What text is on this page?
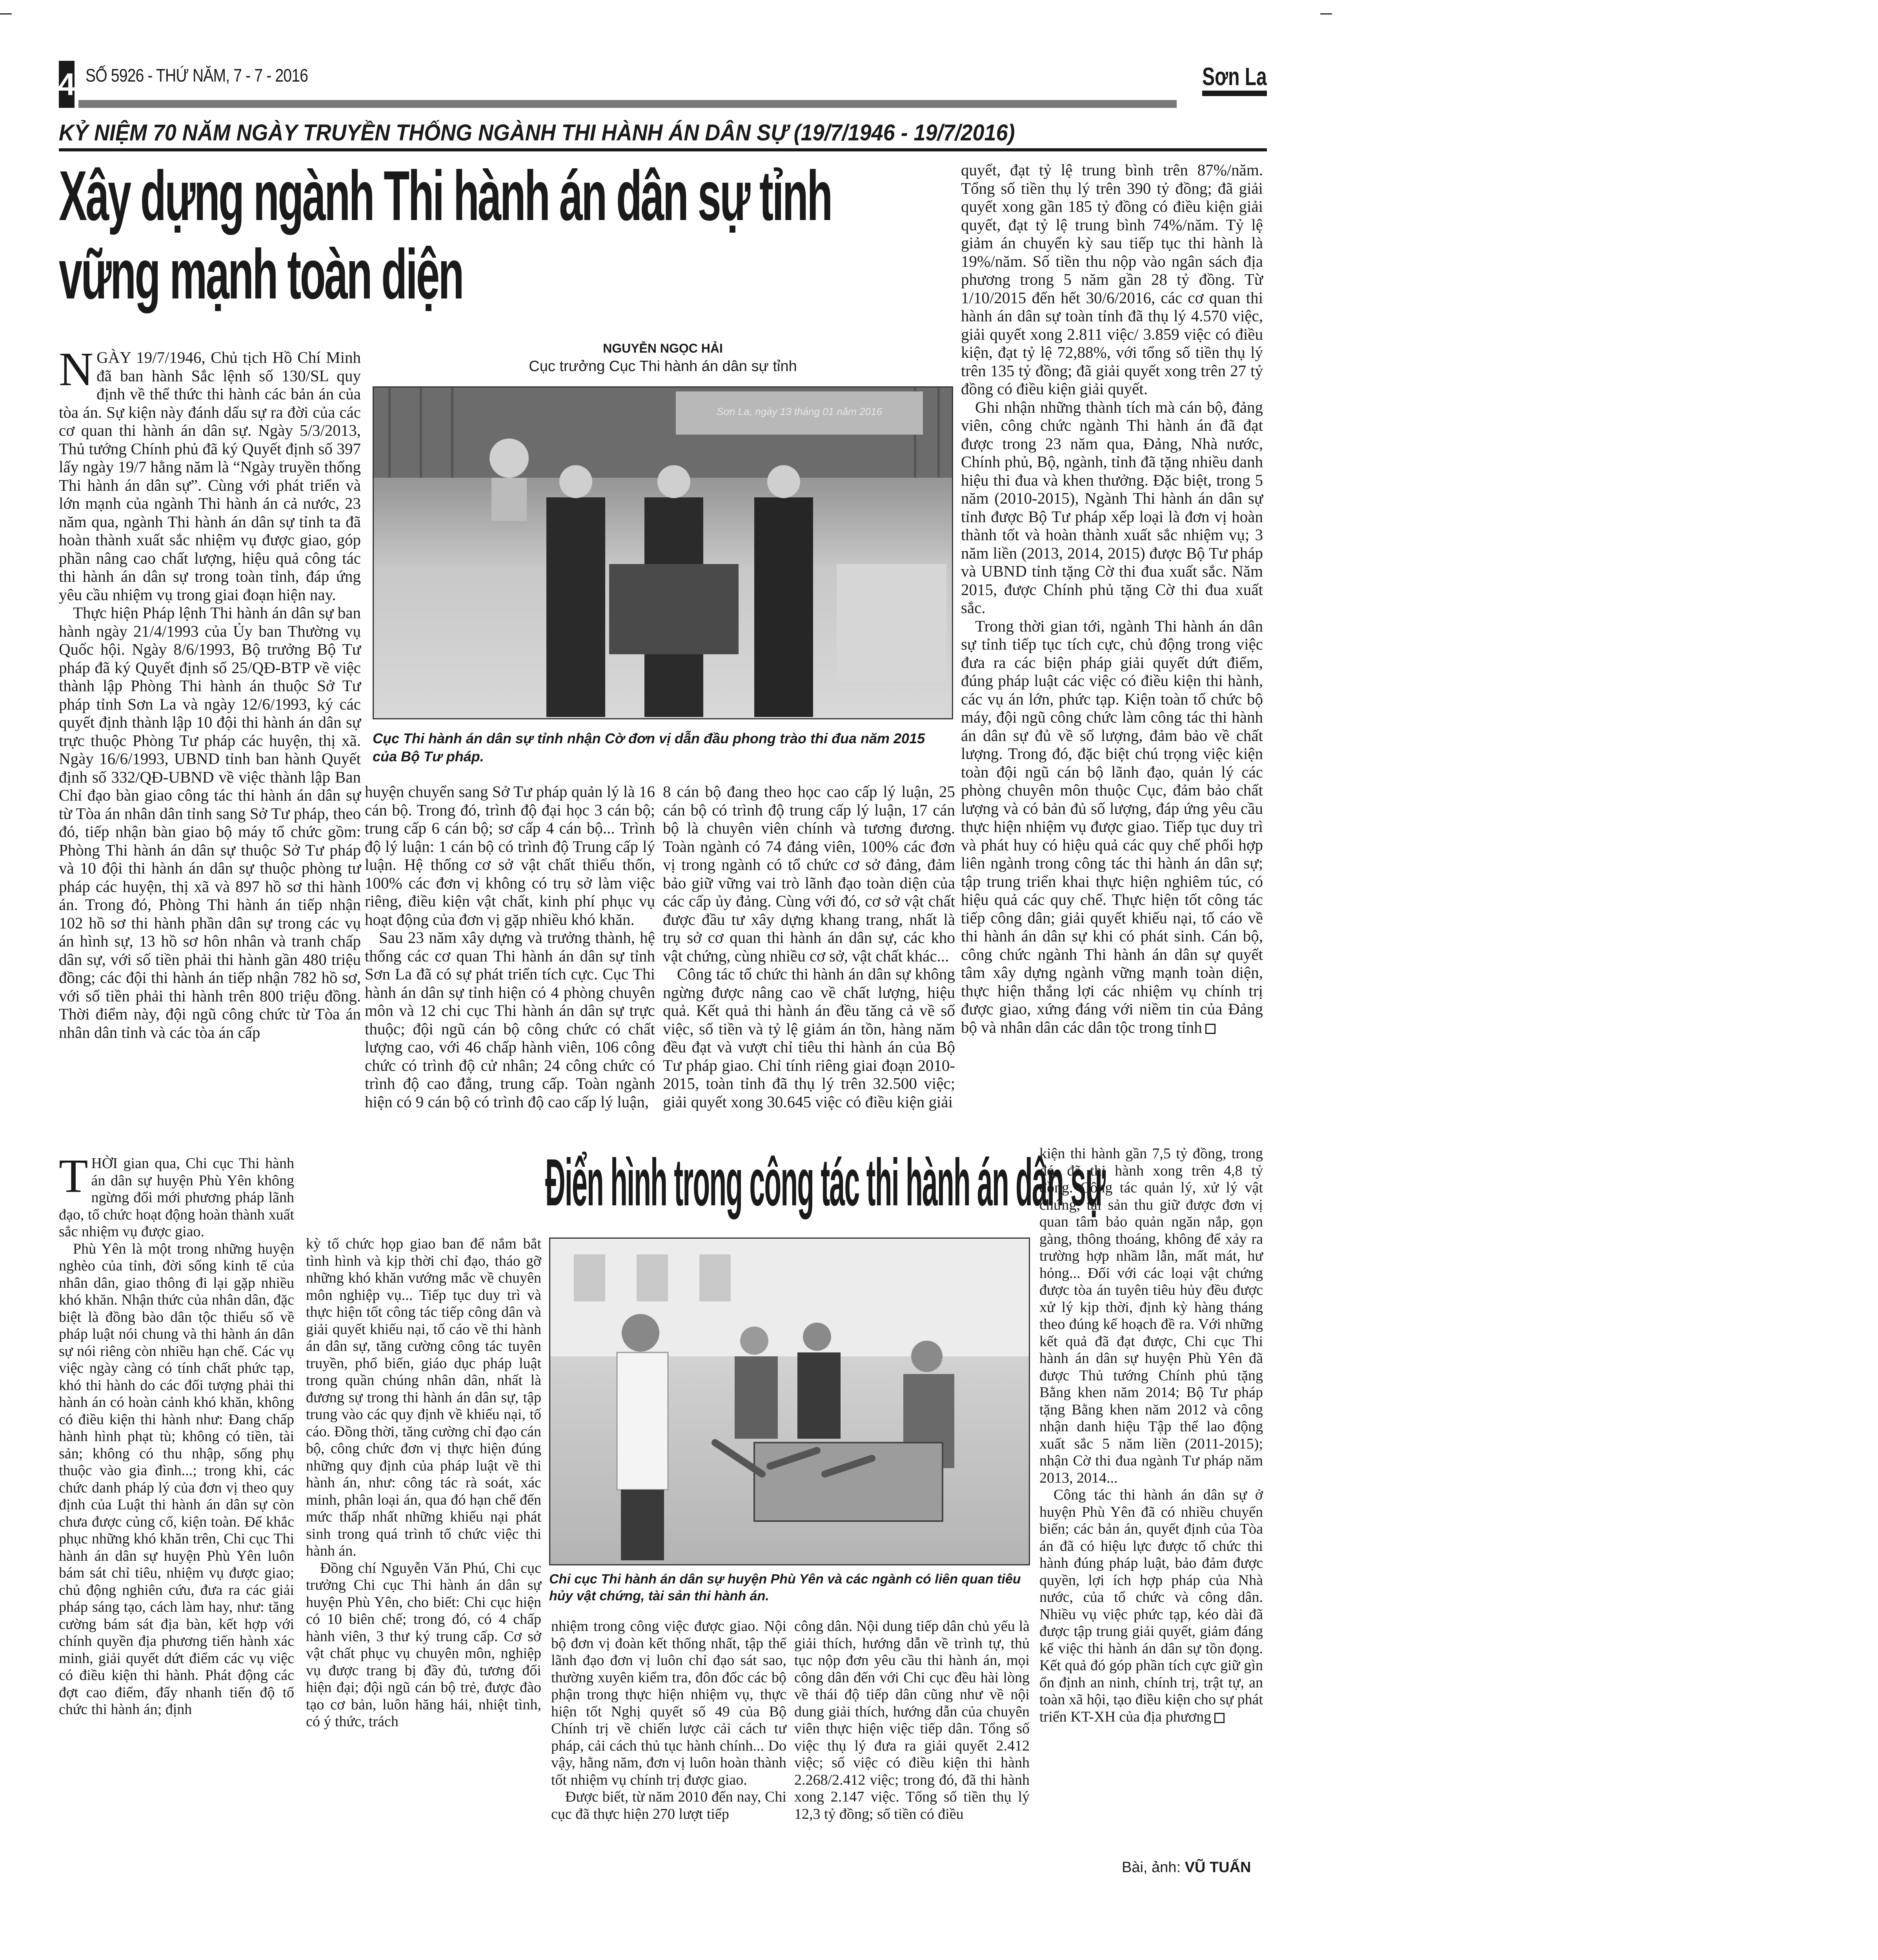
4 SỐ 5926 - THỨ NĂM, 7 - 7 - 2016	Sơn La
KỶ NIỆM 70 NĂM NGÀY TRUYỀN THỐNG NGÀNH THI HÀNH ÁN DÂN SỰ (19/7/1946 - 19/7/2016)
Xây dựng ngành Thi hành án dân sự tỉnh
vững mạnh toàn diện
NGUYỄN NGỌC HẢI
Cục trưởng Cục Thi hành án dân sự tỉnh

NGÀY 19/7/1946, Chủ tịch Hồ Chí Minh đã ban hành Sắc lệnh số 130/SL quy định về thể thức thi hành các bản án của tòa án. Sự kiện này đánh dấu sự ra đời của các cơ quan thi hành án dân sự. Ngày 5/3/2013, Thủ tướng Chính phủ đã ký Quyết định số 397 lấy ngày 19/7 hằng năm là “Ngày truyền thống Thi hành án dân sự”. Cùng với phát triển và lớn mạnh của ngành Thi hành án cả nước, 23 năm qua, ngành Thi hành án dân sự tỉnh ta đã hoàn thành xuất sắc nhiệm vụ được giao, góp phần nâng cao chất lượng, hiệu quả công tác thi hành án dân sự trong toàn tỉnh, đáp ứng yêu cầu nhiệm vụ trong giai đoạn hiện nay.

Thực hiện Pháp lệnh Thi hành án dân sự ban hành ngày 21/4/1993 của Ủy ban Thường vụ Quốc hội. Ngày 8/6/1993, Bộ trưởng Bộ Tư pháp đã ký Quyết định số 25/QĐ-BTP về việc thành lập Phòng Thi hành án thuộc Sở Tư pháp tỉnh Sơn La và ngày 12/6/1993, ký các quyết định thành lập 10 đội thi hành án dân sự trực thuộc Phòng Tư pháp các huyện, thị xã. Ngày 16/6/1993, UBND tỉnh ban hành Quyết định số 332/QĐ-UBND về việc thành lập Ban Chỉ đạo bàn giao công tác thi hành án dân sự từ Tòa án nhân dân tỉnh sang Sở Tư pháp, theo đó, tiếp nhận bàn giao bộ máy tổ chức gồm: Phòng Thi hành án dân sự thuộc Sở Tư pháp và 10 đội thi hành án dân sự thuộc phòng tư pháp các huyện, thị xã và 897 hồ sơ thi hành án. Trong đó, Phòng Thi hành án tiếp nhận 102 hồ sơ thi hành phần dân sự trong các vụ án hình sự, 13 hồ sơ hôn nhân và tranh chấp dân sự, với số tiền phải thi hành gần 480 triệu đồng; các đội thi hành án tiếp nhận 782 hồ sơ, với số tiền phải thi hành trên 800 triệu đồng. Thời điểm này, đội ngũ công chức từ Tòa án nhân dân tỉnh và các tòa án cấp

Sơn La, ngày 13 tháng 01 năm 2016
Cục Thi hành án dân sự tỉnh nhận Cờ đơn vị dẫn đầu phong trào thi đua năm 2015 của Bộ Tư pháp.

huyện chuyển sang Sở Tư pháp quản lý là 16 cán bộ. Trong đó, trình độ đại học 3 cán bộ; trung cấp 6 cán bộ; sơ cấp 4 cán bộ... Trình độ lý luận: 1 cán bộ có trình độ Trung cấp lý luận. Hệ thống cơ sở vật chất thiếu thốn, 100% các đơn vị không có trụ sở làm việc riêng, điều kiện vật chất, kinh phí phục vụ hoạt động của đơn vị gặp nhiều khó khăn.

Sau 23 năm xây dựng và trưởng thành, hệ thống các cơ quan Thi hành án dân sự tỉnh Sơn La đã có sự phát triển tích cực. Cục Thi hành án dân sự tỉnh hiện có 4 phòng chuyên môn và 12 chi cục Thi hành án dân sự trực thuộc; đội ngũ cán bộ công chức có chất lượng cao, với 46 chấp hành viên, 106 công chức có trình độ cử nhân; 24 công chức có trình độ cao đẳng, trung cấp. Toàn ngành hiện có 9 cán bộ có trình độ cao cấp lý luận,

8 cán bộ đang theo học cao cấp lý luận, 25 cán bộ có trình độ trung cấp lý luận, 17 cán bộ là chuyên viên chính và tương đương. Toàn ngành có 74 đảng viên, 100% các đơn vị trong ngành có tổ chức cơ sở đảng, đảm bảo giữ vững vai trò lãnh đạo toàn diện của các cấp ủy đảng. Cùng với đó, cơ sở vật chất được đầu tư xây dựng khang trang, nhất là trụ sở cơ quan thi hành án dân sự, các kho vật chứng, cùng nhiều cơ sở, vật chất khác...

Công tác tổ chức thi hành án dân sự không ngừng được nâng cao về chất lượng, hiệu quả. Kết quả thi hành án đều tăng cả về số việc, số tiền và tỷ lệ giảm án tồn, hàng năm đều đạt và vượt chỉ tiêu thi hành án của Bộ Tư pháp giao. Chỉ tính riêng giai đoạn 2010-2015, toàn tỉnh đã thụ lý trên 32.500 việc; giải quyết xong 30.645 việc có điều kiện giải

quyết, đạt tỷ lệ trung bình trên 87%/năm. Tổng số tiền thụ lý trên 390 tỷ đồng; đã giải quyết xong gần 185 tỷ đồng có điều kiện giải quyết, đạt tỷ lệ trung bình 74%/năm. Tỷ lệ giảm án chuyển kỳ sau tiếp tục thi hành là 19%/năm. Số tiền thu nộp vào ngân sách địa phương trong 5 năm gần 28 tỷ đồng. Từ 1/10/2015 đến hết 30/6/2016, các cơ quan thi hành án dân sự toàn tỉnh đã thụ lý 4.570 việc, giải quyết xong 2.811 việc/ 3.859 việc có điều kiện, đạt tỷ lệ 72,88%, với tổng số tiền thụ lý trên 135 tỷ đồng; đã giải quyết xong trên 27 tỷ đồng có điều kiện giải quyết.

Ghi nhận những thành tích mà cán bộ, đảng viên, công chức ngành Thi hành án đã đạt được trong 23 năm qua, Đảng, Nhà nước, Chính phủ, Bộ, ngành, tỉnh đã tặng nhiều danh hiệu thi đua và khen thưởng. Đặc biệt, trong 5 năm (2010-2015), Ngành Thi hành án dân sự tỉnh được Bộ Tư pháp xếp loại là đơn vị hoàn thành tốt và hoàn thành xuất sắc nhiệm vụ; 3 năm liền (2013, 2014, 2015) được Bộ Tư pháp và UBND tỉnh tặng Cờ thi đua xuất sắc. Năm 2015, được Chính phủ tặng Cờ thi đua xuất sắc.

Trong thời gian tới, ngành Thi hành án dân sự tỉnh tiếp tục tích cực, chủ động trong việc đưa ra các biện pháp giải quyết dứt điểm, đúng pháp luật các việc có điều kiện thi hành, các vụ án lớn, phức tạp. Kiện toàn tổ chức bộ máy, đội ngũ công chức làm công tác thi hành án dân sự đủ về số lượng, đảm bảo về chất lượng. Trong đó, đặc biệt chú trọng việc kiện toàn đội ngũ cán bộ lãnh đạo, quản lý các phòng chuyên môn thuộc Cục, đảm bảo chất lượng và có bản đủ số lượng, đáp ứng yêu cầu thực hiện nhiệm vụ được giao. Tiếp tục duy trì và phát huy có hiệu quả các quy chế phối hợp liên ngành trong công tác thi hành án dân sự; tập trung triển khai thực hiện nghiêm túc, có hiệu quả các quy chế. Thực hiện tốt công tác tiếp công dân; giải quyết khiếu nại, tố cáo về thi hành án dân sự khi có phát sinh. Cán bộ, công chức ngành Thi hành án dân sự quyết tâm xây dựng ngành vững mạnh toàn diện, thực hiện thắng lợi các nhiệm vụ chính trị được giao, xứng đáng với niềm tin của Đảng bộ và nhân dân các dân tộc trong tỉnh

Điển hình trong công tác thi hành án dân sự

THỜI gian qua, Chi cục Thi hành án dân sự huyện Phù Yên không ngừng đổi mới phương pháp lãnh đạo, tổ chức hoạt động hoàn thành xuất sắc nhiệm vụ được giao.

Phù Yên là một trong những huyện nghèo của tỉnh, đời sống kinh tế của nhân dân, giao thông đi lại gặp nhiều khó khăn. Nhận thức của nhân dân, đặc biệt là đồng bào dân tộc thiểu số về pháp luật nói chung và thi hành án dân sự nói riêng còn nhiều hạn chế. Các vụ việc ngày càng có tính chất phức tạp, khó thi hành do các đối tượng phải thi hành án có hoàn cảnh khó khăn, không có điều kiện thi hành như: Đang chấp hành hình phạt tù; không có tiền, tài sản; không có thu nhập, sống phụ thuộc vào gia đình...; trong khi, các chức danh pháp lý của đơn vị theo quy định của Luật thi hành án dân sự còn chưa được củng cố, kiện toàn. Để khắc phục những khó khăn trên, Chi cục Thi hành án dân sự huyện Phù Yên luôn bám sát chỉ tiêu, nhiệm vụ được giao; chủ động nghiên cứu, đưa ra các giải pháp sáng tạo, cách làm hay, như: tăng cường bám sát địa bàn, kết hợp với chính quyền địa phương tiến hành xác minh, giải quyết dứt điểm các vụ việc có điều kiện thi hành. Phát động các đợt cao điểm, đẩy nhanh tiến độ tổ chức thi hành án; định

kỳ tổ chức họp giao ban để nắm bắt tình hình và kịp thời chỉ đạo, tháo gỡ những khó khăn vướng mắc về chuyên môn nghiệp vụ... Tiếp tục duy trì và thực hiện tốt công tác tiếp công dân và giải quyết khiếu nại, tố cáo về thi hành án dân sự, tăng cường công tác tuyên truyền, phổ biến, giáo dục pháp luật trong quần chúng nhân dân, nhất là đương sự trong thi hành án dân sự, tập trung vào các quy định về khiếu nại, tố cáo. Đồng thời, tăng cường chỉ đạo cán bộ, công chức đơn vị thực hiện đúng những quy định của pháp luật về thi hành án, như: công tác rà soát, xác minh, phân loại án, qua đó hạn chế đến mức thấp nhất những khiếu nại phát sinh trong quá trình tổ chức việc thi hành án.

Đồng chí Nguyễn Văn Phú, Chi cục trưởng Chi cục Thi hành án dân sự huyện Phù Yên, cho biết: Chi cục hiện có 10 biên chế; trong đó, có 4 chấp hành viên, 3 thư ký trung cấp. Cơ sở vật chất phục vụ chuyên môn, nghiệp vụ được trang bị đầy đủ, tương đối hiện đại; đội ngũ cán bộ trẻ, được đào tạo cơ bản, luôn hăng hái, nhiệt tình, có ý thức, trách

Chi cục Thi hành án dân sự huyện Phù Yên và các ngành có liên quan tiêu hủy vật chứng, tài sản thi hành án.

nhiệm trong công việc được giao. Nội bộ đơn vị đoàn kết thống nhất, tập thể lãnh đạo đơn vị luôn chỉ đạo sát sao, thường xuyên kiểm tra, đôn đốc các bộ phận trong thực hiện nhiệm vụ, thực hiện tốt Nghị quyết số 49 của Bộ Chính trị về chiến lược cải cách tư pháp, cải cách thủ tục hành chính... Do vậy, hằng năm, đơn vị luôn hoàn thành tốt nhiệm vụ chính trị được giao.

Được biết, từ năm 2010 đến nay, Chi cục đã thực hiện 270 lượt tiếp

công dân. Nội dung tiếp dân chủ yếu là giải thích, hướng dẫn về trình tự, thủ tục nộp đơn yêu cầu thi hành án, mọi công dân đến với Chi cục đều hài lòng về thái độ tiếp dân cũng như về nội dung giải thích, hướng dẫn của chuyên viên thực hiện việc tiếp dân. Tổng số việc thụ lý đưa ra giải quyết 2.412 việc; số việc có điều kiện thi hành 2.268/2.412 việc; trong đó, đã thi hành xong 2.147 việc. Tổng số tiền thụ lý 12,3 tỷ đồng; số tiền có điều

kiện thi hành gần 7,5 tỷ đồng, trong đó, đã thi hành xong trên 4,8 tỷ đồng. Công tác quản lý, xử lý vật chứng, tài sản thu giữ được đơn vị quan tâm bảo quản ngăn nắp, gọn gàng, thông thoáng, không để xảy ra trường hợp nhầm lẫn, mất mát, hư hỏng... Đối với các loại vật chứng được tòa án tuyên tiêu hủy đều được xử lý kịp thời, định kỳ hàng tháng theo đúng kế hoạch đề ra. Với những kết quả đã đạt được, Chi cục Thi hành án dân sự huyện Phù Yên đã được Thủ tướng Chính phủ tặng Bằng khen năm 2014; Bộ Tư pháp tặng Bằng khen năm 2012 và công nhận danh hiệu Tập thể lao động xuất sắc 5 năm liền (2011-2015); nhận Cờ thi đua ngành Tư pháp năm 2013, 2014...

Công tác thi hành án dân sự ở huyện Phù Yên đã có nhiều chuyển biến; các bản án, quyết định của Tòa án đã có hiệu lực được tổ chức thi hành đúng pháp luật, bảo đảm được quyền, lợi ích hợp pháp của Nhà nước, của tổ chức và công dân. Nhiều vụ việc phức tạp, kéo dài đã được tập trung giải quyết, giảm đáng kể việc thi hành án dân sự tồn đọng. Kết quả đó góp phần tích cực giữ gìn ổn định an ninh, chính trị, trật tự, an toàn xã hội, tạo điều kiện cho sự phát triển KT-XH của địa phương

Bài, ảnh: VŨ TUẤN
